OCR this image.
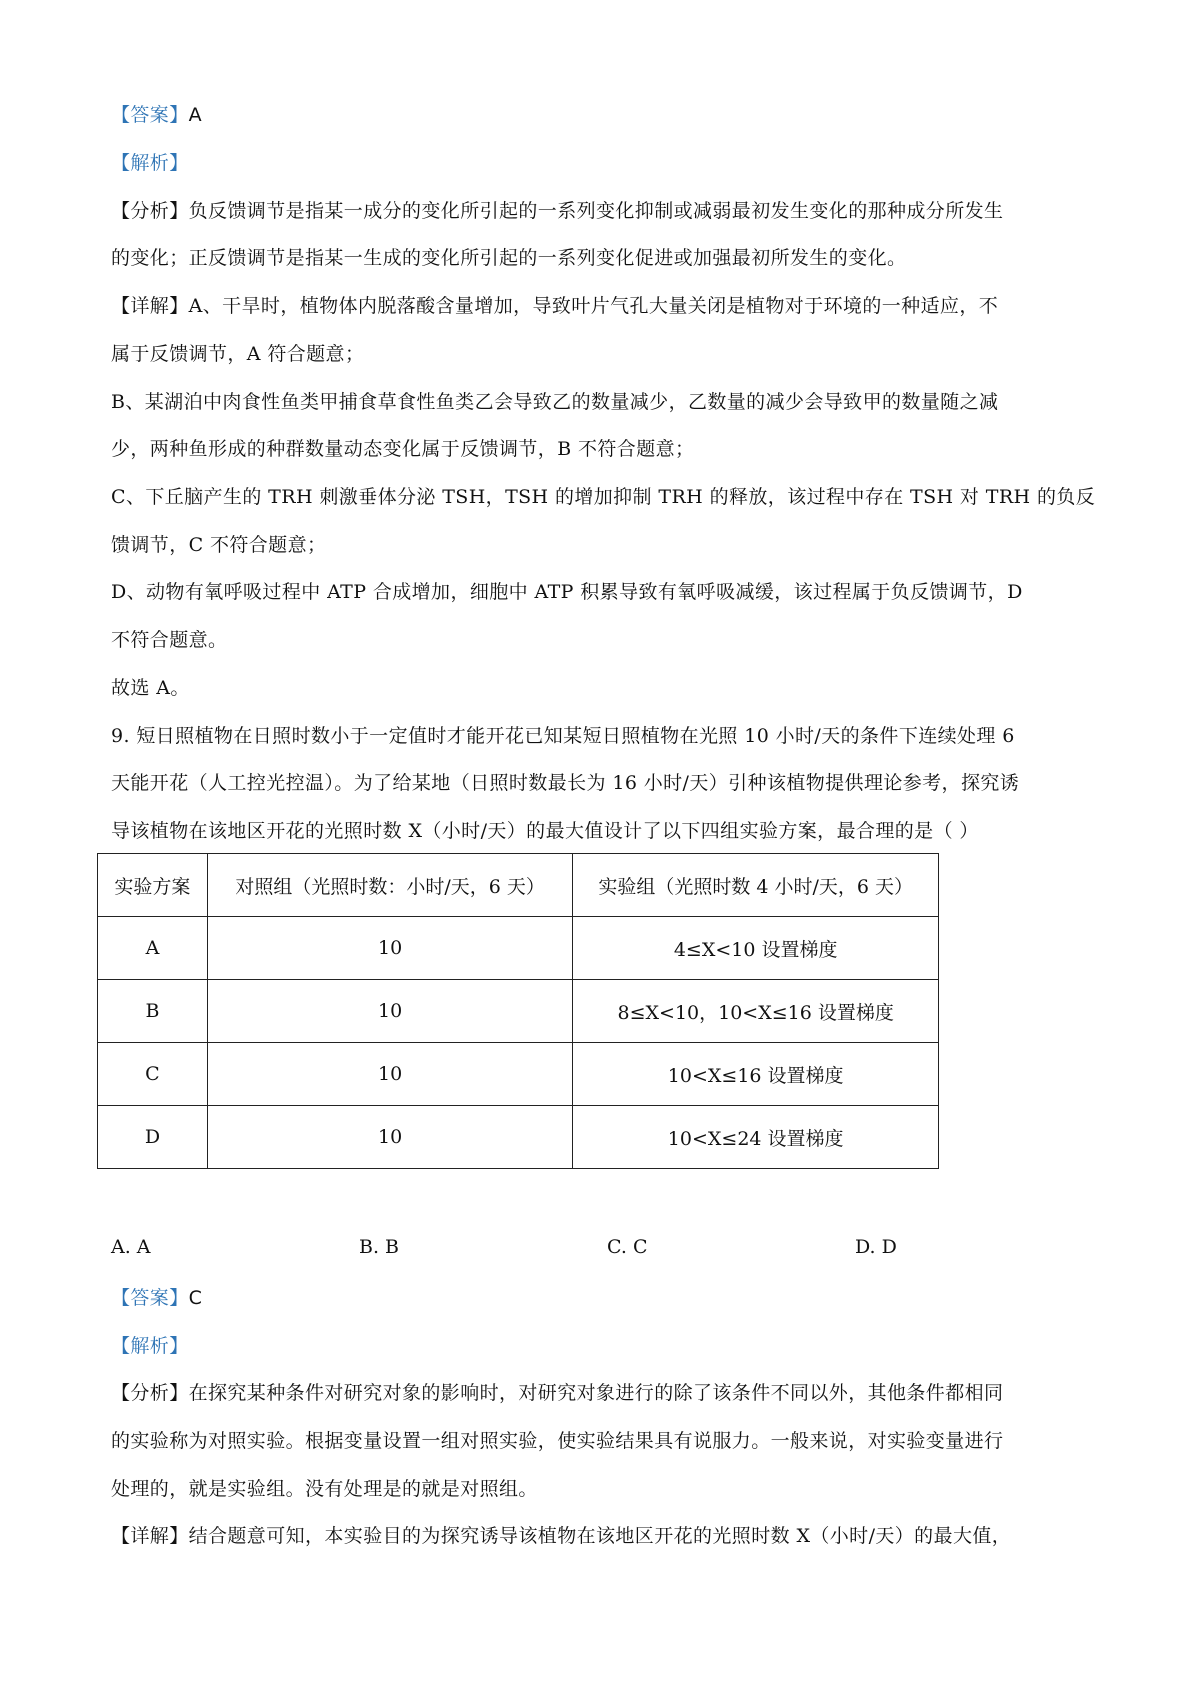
【答案】A
【解析】
【分析】负反馈调节是指某一成分的变化所引起的一系列变化抑制或减弱最初发生变化的那种成分所发生
的变化；正反馈调节是指某一生成的变化所引起的一系列变化促进或加强最初所发生的变化。
【详解】A、干旱时，植物体内脱落酸含量增加，导致叶片气孔大量关闭是植物对于环境的一种适应，不
属于反馈调节，A 符合题意；
B、某湖泊中肉食性鱼类甲捕食草食性鱼类乙会导致乙的数量减少，乙数量的减少会导致甲的数量随之减
少，两种鱼形成的种群数量动态变化属于反馈调节，B 不符合题意；
C、下丘脑产生的 TRH 刺激垂体分泌 TSH，TSH 的增加抑制 TRH 的释放，该过程中存在 TSH 对 TRH 的负反
馈调节，C 不符合题意；
D、动物有氧呼吸过程中 ATP 合成增加，细胞中 ATP 积累导致有氧呼吸减缓，该过程属于负反馈调节，D
不符合题意。
故选 A。
9. 短日照植物在日照时数小于一定值时才能开花已知某短日照植物在光照 10 小时/天的条件下连续处理 6
天能开花（人工控光控温）。为了给某地（日照时数最长为 16 小时/天）引种该植物提供理论参考，探究诱
导该植物在该地区开花的光照时数 X（小时/天）的最大值设计了以下四组实验方案，最合理的是（ ）
实验方案	对照组（光照时数：小时/天，6 天）	实验组（光照时数 4 小时/天，6 天）
A	10	4≤X<10 设置梯度
B	10	8≤X<10，10<X≤16 设置梯度
C	10	10<X≤16 设置梯度
D	10	10<X≤24 设置梯度
A. A	B. B	C. C	D. D
【答案】C
【解析】
【分析】在探究某种条件对研究对象的影响时，对研究对象进行的除了该条件不同以外，其他条件都相同
的实验称为对照实验。根据变量设置一组对照实验，使实验结果具有说服力。一般来说，对实验变量进行
处理的，就是实验组。没有处理是的就是对照组。
【详解】结合题意可知，本实验目的为探究诱导该植物在该地区开花的光照时数 X（小时/天）的最大值，
